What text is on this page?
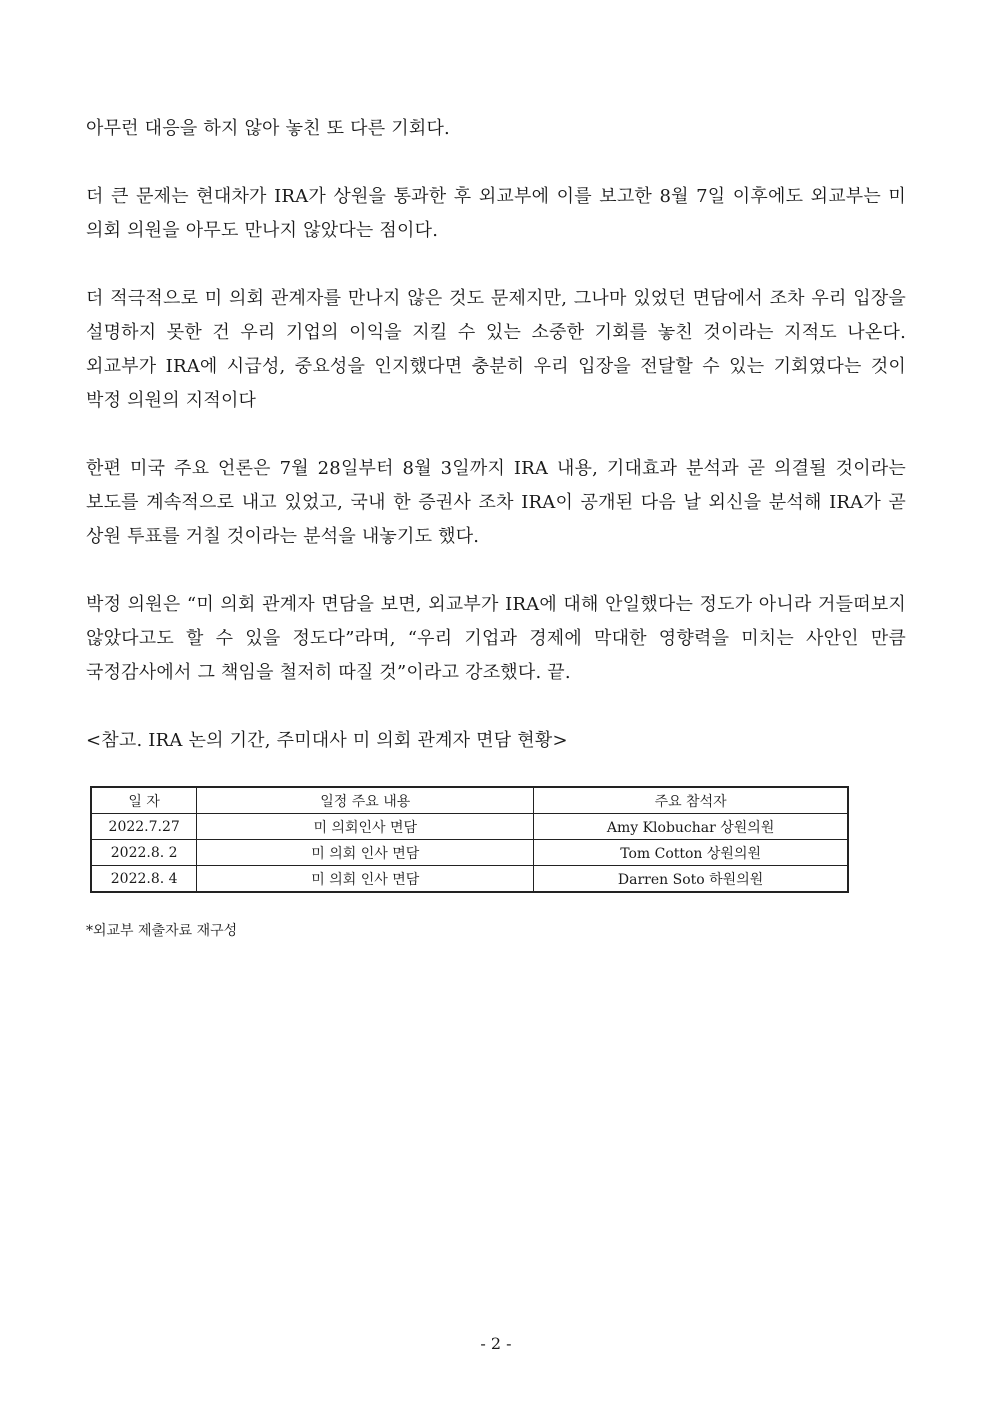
아무런 대응을 하지 않아 놓친 또 다른 기회다.

더 큰 문제는 현대차가 IRA가 상원을 통과한 후 외교부에 이를 보고한 8월 7일 이후에도 외교부는 미 의회 의원을 아무도 만나지 않았다는 점이다.

더 적극적으로 미 의회 관계자를 만나지 않은 것도 문제지만, 그나마 있었던 면담에서 조차 우리 입장을 설명하지 못한 건 우리 기업의 이익을 지킬 수 있는 소중한 기회를 놓친 것이라는 지적도 나온다. 외교부가 IRA에 시급성, 중요성을 인지했다면 충분히 우리 입장을 전달할 수 있는 기회였다는 것이 박정 의원의 지적이다

한편 미국 주요 언론은 7월 28일부터 8월 3일까지 IRA 내용, 기대효과 분석과 곧 의결될 것이라는 보도를 계속적으로 내고 있었고, 국내 한 증권사 조차 IRA이 공개된 다음 날 외신을 분석해 IRA가 곧 상원 투표를 거칠 것이라는 분석을 내놓기도 했다.

박정 의원은 “미 의회 관계자 면담을 보면, 외교부가 IRA에 대해 안일했다는 정도가 아니라 거들떠보지 않았다고도 할 수 있을 정도다”라며, “우리 기업과 경제에 막대한 영향력을 미치는 사안인 만큼 국정감사에서 그 책임을 철저히 따질 것”이라고 강조했다. 끝.

<참고. IRA 논의 기간, 주미대사 미 의회 관계자 면담 현황>

일 자	일정 주요 내용	주요 참석자
2022.7.27	미 의회인사 면담	Amy Klobuchar 상원의원
2022.8. 2	미 의회 인사 면담	Tom Cotton 상원의원
2022.8. 4	미 의회 인사 면담	Darren Soto 하원의원

*외교부 제출자료 재구성

- 2 -
